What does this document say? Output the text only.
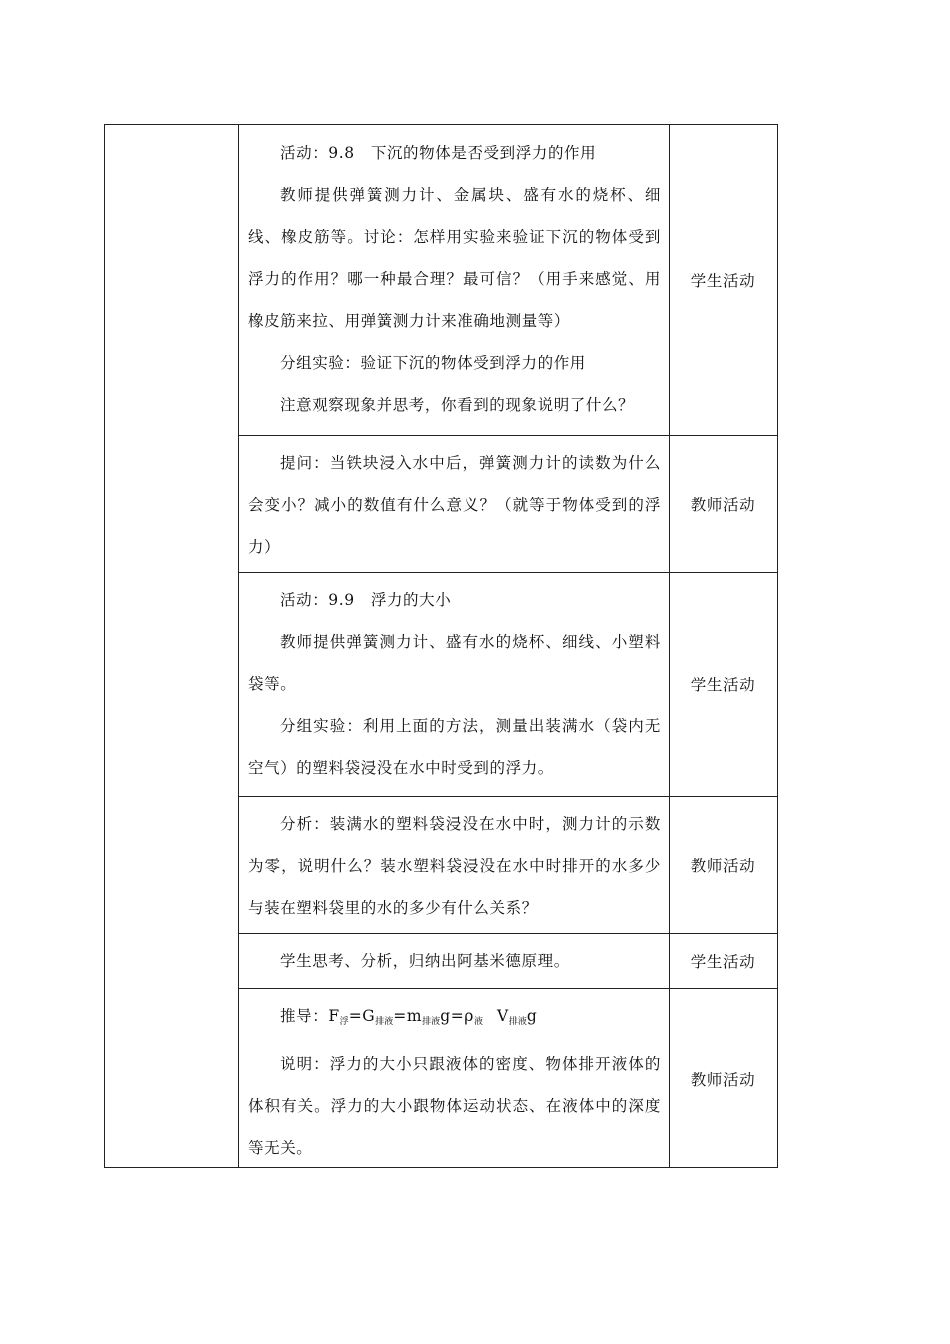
活动：9.8　下沉的物体是否受到浮力的作用

教师提供弹簧测力计、金属块、盛有水的烧杯、细线、橡皮筋等。讨论：怎样用实验来验证下沉的物体受到浮力的作用？哪一种最合理？最可信？（用手来感觉、用橡皮筋来拉、用弹簧测力计来准确地测量等）

分组实验：验证下沉的物体受到浮力的作用

注意观察现象并思考，你看到的现象说明了什么？

学生活动

提问：当铁块浸入水中后，弹簧测力计的读数为什么会变小？减小的数值有什么意义？（就等于物体受到的浮力）

教师活动

活动：9.9　浮力的大小

教师提供弹簧测力计、盛有水的烧杯、细线、小塑料袋等。

分组实验：利用上面的方法，测量出装满水（袋内无空气）的塑料袋浸没在水中时受到的浮力。

学生活动

分析：装满水的塑料袋浸没在水中时，测力计的示数为零，说明什么？装水塑料袋浸没在水中时排开的水多少与装在塑料袋里的水的多少有什么关系？

教师活动

学生思考、分析，归纳出阿基米德原理。	学生活动

推导：$F_浮=G_{排液}=m_{排液}g=\rho_液$ $V_{排液}g$

说明：浮力的大小只跟液体的密度、物体排开液体的体积有关。浮力的大小跟物体运动状态、在液体中的深度等无关。

教师活动
